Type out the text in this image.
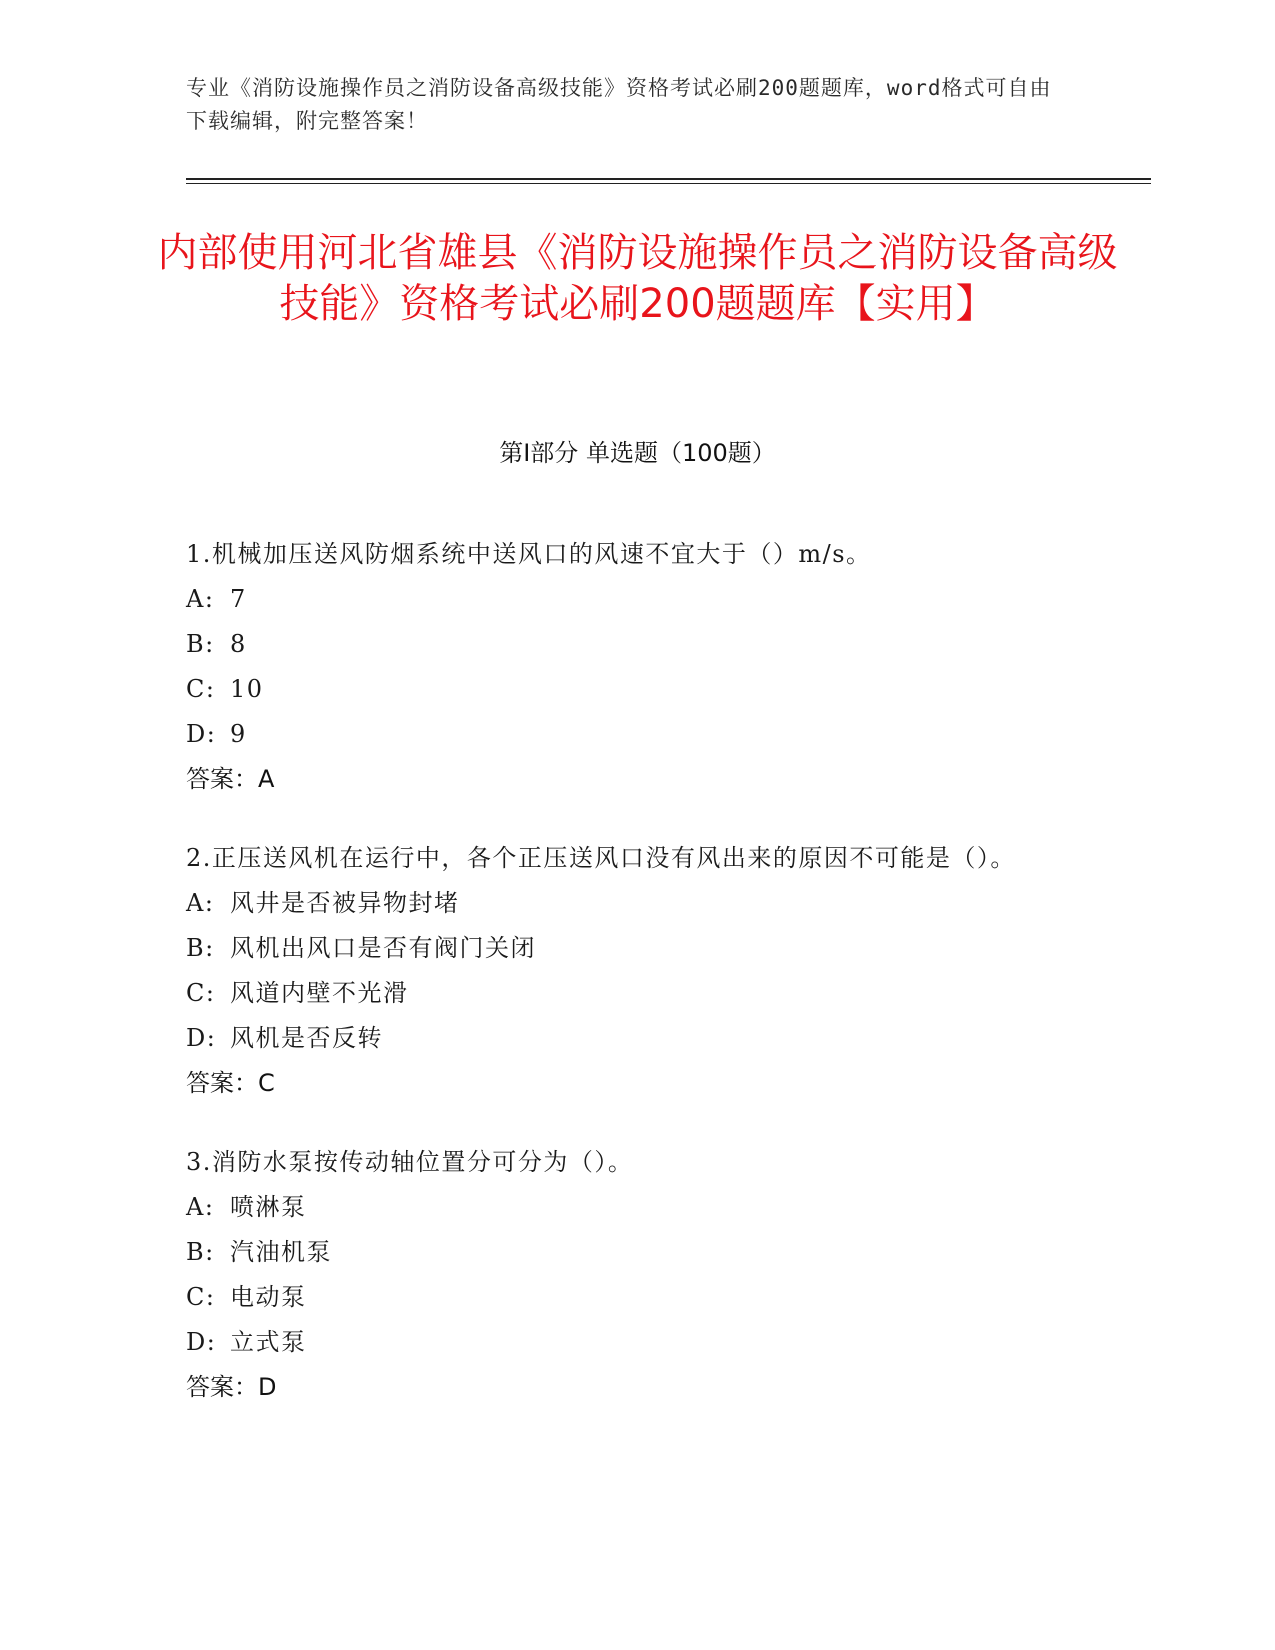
专业《消防设施操作员之消防设备高级技能》资格考试必刷200题题库，word格式可自由下载编辑，附完整答案！
内部使用河北省雄县《消防设施操作员之消防设备高级技能》资格考试必刷200题题库【实用】
第I部分 单选题（100题）
1.机械加压送风防烟系统中送风口的风速不宜大于（）m/s。
A: 7
B: 8
C: 10
D: 9
答案：A
2.正压送风机在运行中，各个正压送风口没有风出来的原因不可能是（）。
A: 风井是否被异物封堵
B: 风机出风口是否有阀门关闭
C: 风道内壁不光滑
D: 风机是否反转
答案：C
3.消防水泵按传动轴位置分可分为（）。
A: 喷淋泵
B: 汽油机泵
C: 电动泵
D: 立式泵
答案：D
